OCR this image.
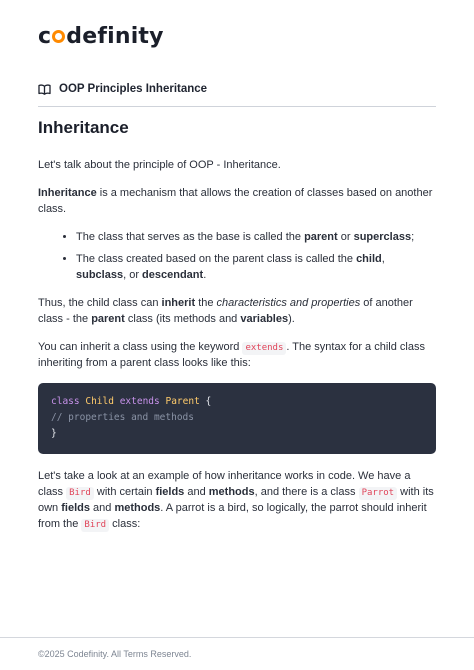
c definity
OOP Principles Inheritance
Inheritance

Let's talk about the principle of OOP - Inheritance.

Inheritance is a mechanism that allows the creation of classes based on another class.

• The class that serves as the base is called the parent or superclass;
• The class created based on the parent class is called the child, subclass, or descendant.

Thus, the child class can inherit the characteristics and properties of another class - the parent class (its methods and variables).

You can inherit a class using the keyword extends . The syntax for a child class inheriting from a parent class looks like this:

class Child extends Parent {
// properties and methods
}

Let's take a look at an example of how inheritance works in code. We have a class Bird with certain fields and methods, and there is a class Parrot with its own fields and methods. A parrot is a bird, so logically, the parrot should inherit from the Bird class:

©2025 Codefinity. All Terms Reserved.
